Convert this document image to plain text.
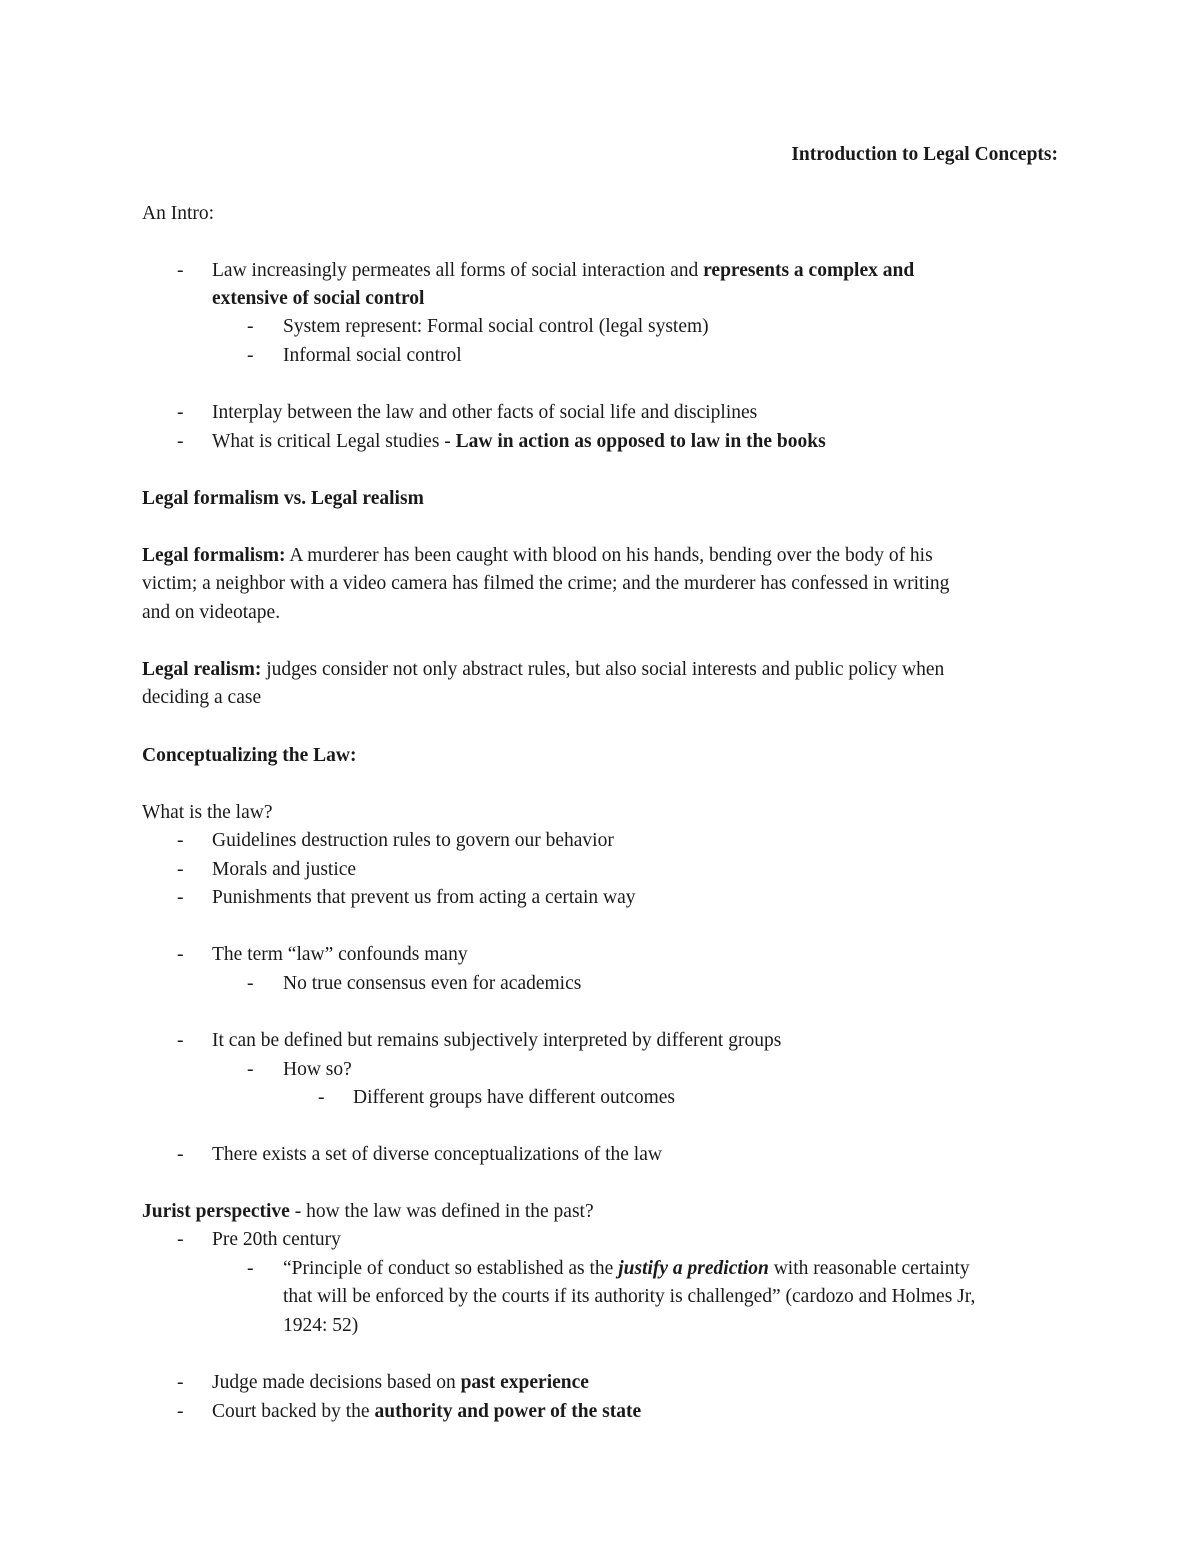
Introduction to Legal Concepts:
An Intro:
- Law increasingly permeates all forms of social interaction and represents a complex and
extensive of social control
- System represent: Formal social control (legal system)
- Informal social control
- Interplay between the law and other facts of social life and disciplines
- What is critical Legal studies - Law in action as opposed to law in the books
Legal formalism vs. Legal realism
Legal formalism: A murderer has been caught with blood on his hands, bending over the body of his
victim; a neighbor with a video camera has filmed the crime; and the murderer has confessed in writing
and on videotape.
Legal realism: judges consider not only abstract rules, but also social interests and public policy when
deciding a case
Conceptualizing the Law:
What is the law?
- Guidelines destruction rules to govern our behavior
- Morals and justice
- Punishments that prevent us from acting a certain way
- The term “law” confounds many
- No true consensus even for academics
- It can be defined but remains subjectively interpreted by different groups
- How so?
- Different groups have different outcomes
- There exists a set of diverse conceptualizations of the law
Jurist perspective - how the law was defined in the past?
- Pre 20th century
- “Principle of conduct so established as the justify a prediction with reasonable certainty
that will be enforced by the courts if its authority is challenged” (cardozo and Holmes Jr,
1924: 52)
- Judge made decisions based on past experience
- Court backed by the authority and power of the state
